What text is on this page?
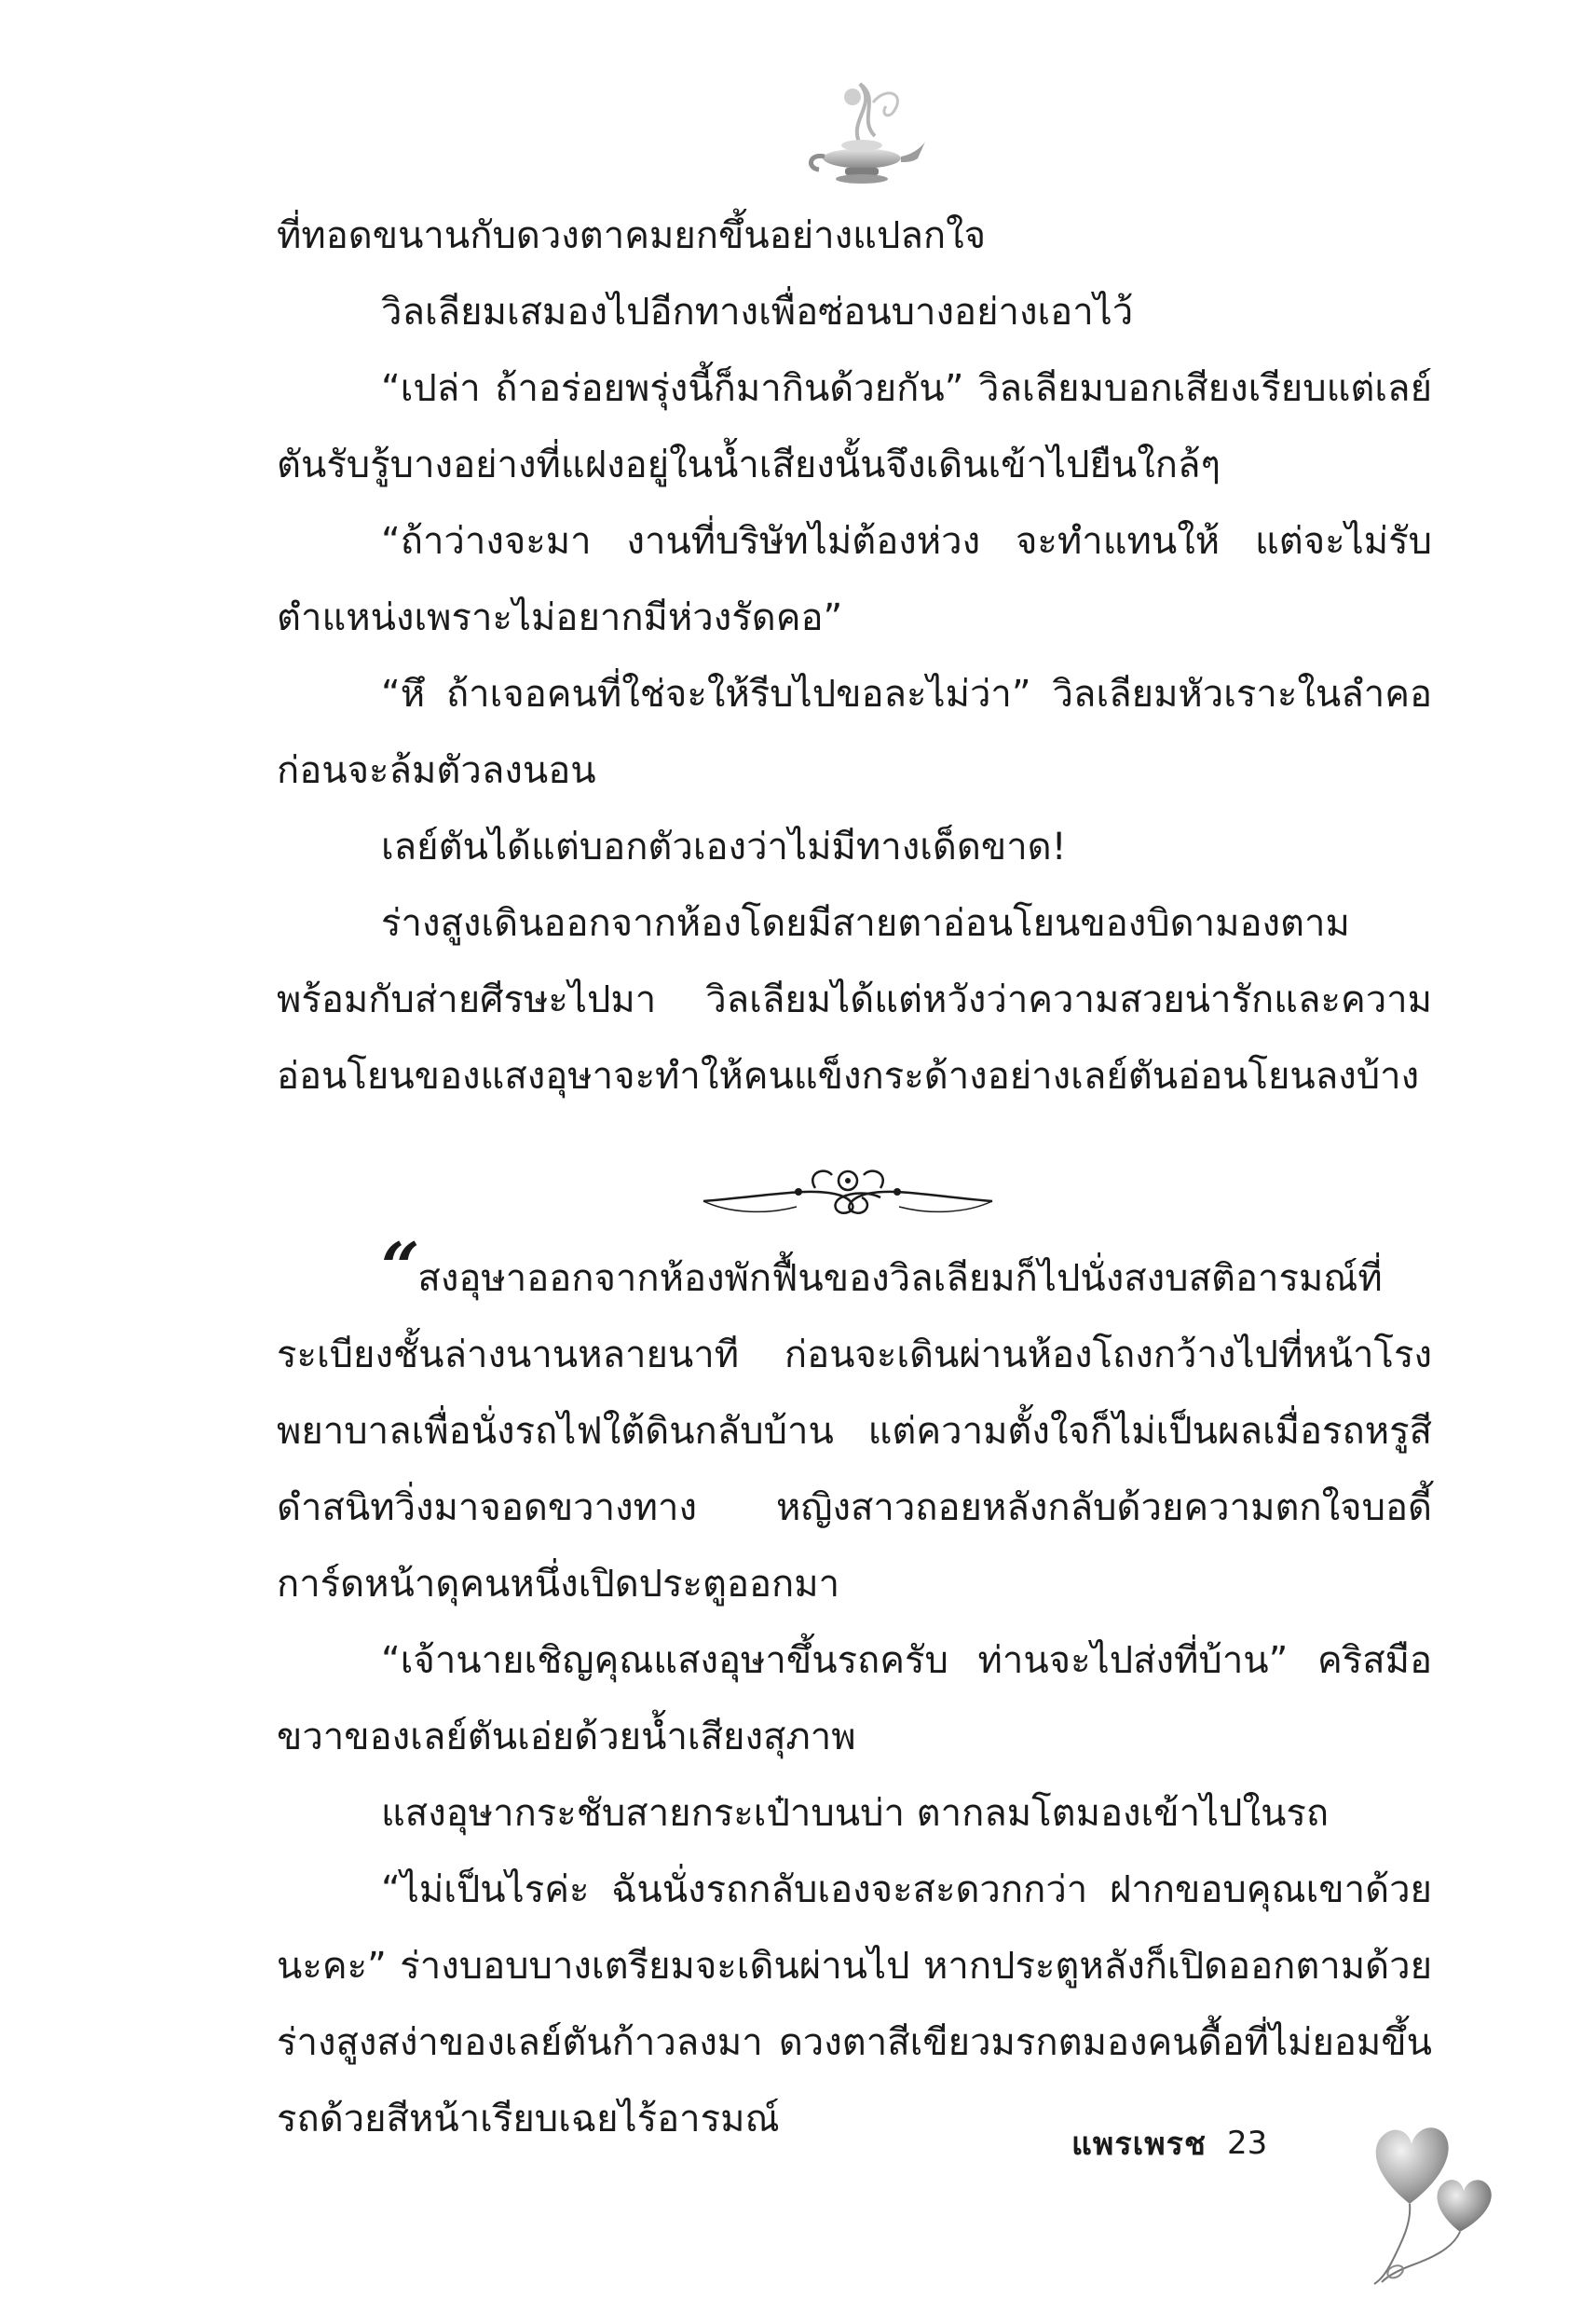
ที่ทอดขนานกับดวงตาคมยกขึ้นอย่างแปลกใจ

วิลเลียมเสมองไปอีกทางเพื่อซ่อนบางอย่างเอาไว้

“เปล่า ถ้าอร่อยพรุ่งนี้ก็มากินด้วยกัน” วิลเลียมบอกเสียงเรียบแต่เลย์ตันรับรู้บางอย่างที่แฝงอยู่ในน้ำเสียงนั้นจึงเดินเข้าไปยืนใกล้ๆ

“ถ้าว่างจะมา งานที่บริษัทไม่ต้องห่วง จะทำแทนให้ แต่จะไม่รับตำแหน่งเพราะไม่อยากมีห่วงรัดคอ”

“หึ ถ้าเจอคนที่ใช่จะให้รีบไปขอละไม่ว่า” วิลเลียมหัวเราะในลำคอก่อนจะล้มตัวลงนอน

เลย์ตันได้แต่บอกตัวเองว่าไม่มีทางเด็ดขาด!

ร่างสูงเดินออกจากห้องโดยมีสายตาอ่อนโยนของบิดามองตามพร้อมกับส่ายศีรษะไปมา วิลเลียมได้แต่หวังว่าความสวยน่ารักและความอ่อนโยนของแสงอุษาจะทำให้คนแข็งกระด้างอย่างเลย์ตันอ่อนโยนลงบ้าง

“ สงอุษาออกจากห้องพักฟื้นของวิลเลียมก็ไปนั่งสงบสติอารมณ์ที่ระเบียงชั้นล่างนานหลายนาที ก่อนจะเดินผ่านห้องโถงกว้างไปที่หน้าโรงพยาบาลเพื่อนั่งรถไฟใต้ดินกลับบ้าน แต่ความตั้งใจก็ไม่เป็นผลเมื่อรถหรูสีดำสนิทวิ่งมาจอดขวางทาง หญิงสาวถอยหลังกลับด้วยความตกใจบอดี้การ์ดหน้าดุคนหนึ่งเปิดประตูออกมา

“เจ้านายเชิญคุณแสงอุษาขึ้นรถครับ ท่านจะไปส่งที่บ้าน” คริสมือขวาของเลย์ตันเอ่ยด้วยน้ำเสียงสุภาพ

แสงอุษากระชับสายกระเป๋าบนบ่า ตากลมโตมองเข้าไปในรถ

“ไม่เป็นไรค่ะ ฉันนั่งรถกลับเองจะสะดวกกว่า ฝากขอบคุณเขาด้วยนะคะ” ร่างบอบบางเตรียมจะเดินผ่านไป หากประตูหลังก็เปิดออกตามด้วยร่างสูงสง่าของเลย์ตันก้าวลงมา ดวงตาสีเขียวมรกตมองคนดื้อที่ไม่ยอมขึ้นรถด้วยสีหน้าเรียบเฉยไร้อารมณ์

แพรเพรช 23
